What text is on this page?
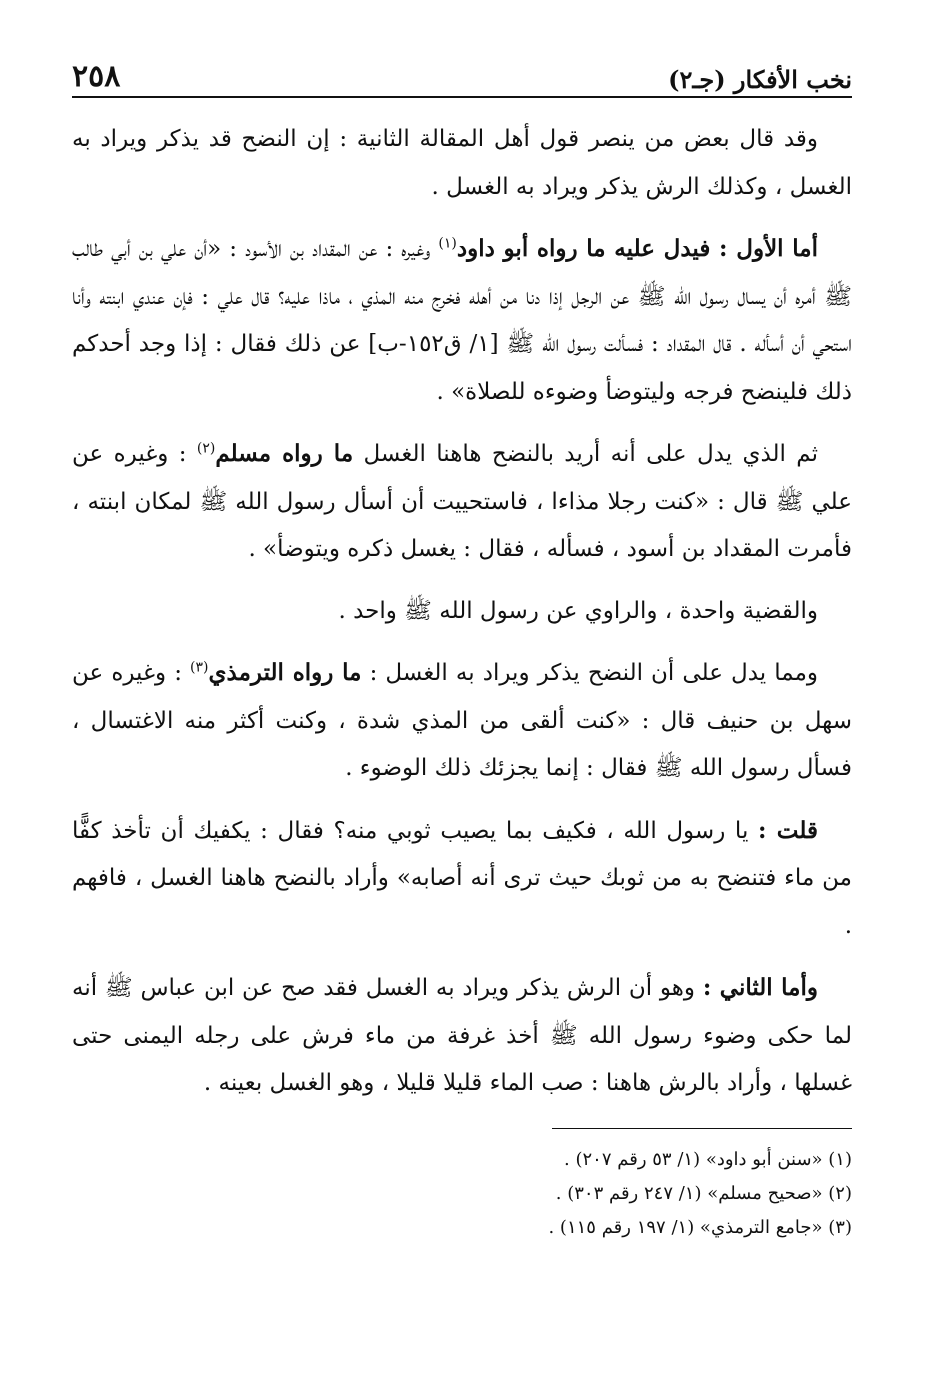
نخب الأفكار (جـ٢)
٢٥٨

وقد قال بعض من ينصر قول أهل المقالة الثانية : إن النضح قد يذكر ويراد به الغسل ، وكذلك الرش يذكر ويراد به الغسل .

أما الأول : فيدل عليه ما رواه أبو داود$^{(١)}$ وغيره : عن المقداد بن الأسود : «أن علي بن أبي طالب ﷺ أمره أن يسال رسول الله ﷺ عن الرجل إذا دنا من أهله فخرج منه المذي ، ماذا عليه؟ قال علي : فإن عندي ابنته وأنا استحي أن أسأله . قال المقداد : فسألت رسول الله ﷺ [١/ ق١٥٢-ب] عن ذلك فقال : إذا وجد أحدكم ذلك فلينضح فرجه وليتوضأ وضوءه للصلاة» .

ثم الذي يدل على أنه أريد بالنضح هاهنا الغسل ما رواه مسلم$^{(٢)}$ : وغيره عن علي ﷺ قال : «كنت رجلا مذاءا ، فاستحييت أن أسأل رسول الله ﷺ لمكان ابنته ، فأمرت المقداد بن أسود ، فسأله ، فقال : يغسل ذكره ويتوضأ» .

والقضية واحدة ، والراوي عن رسول الله ﷺ واحد .

ومما يدل على أن النضح يذكر ويراد به الغسل : ما رواه الترمذي$^{(٣)}$ : وغيره عن سهل بن حنيف قال : «كنت ألقى من المذي شدة ، وكنت أكثر منه الاغتسال ، فسأل رسول الله ﷺ فقال : إنما يجزئك ذلك الوضوء .

قلت : يا رسول الله ، فكيف بما يصيب ثوبي منه؟ فقال : يكفيك أن تأخذ كفًّا من ماء فتنضح به من ثوبك حيث ترى أنه أصابه» وأراد بالنضح هاهنا الغسل ، فافهم .

وأما الثاني : وهو أن الرش يذكر ويراد به الغسل فقد صح عن ابن عباس ﷺ أنه لما حكى وضوء رسول الله ﷺ أخذ غرفة من ماء فرش على رجله اليمنى حتى غسلها ، وأراد بالرش هاهنا : صب الماء قليلا قليلا ، وهو الغسل بعينه .

(١) «سنن أبو داود» (١/ ٥٣ رقم ٢٠٧) .

(٢) «صحيح مسلم» (١/ ٢٤٧ رقم ٣٠٣) .

(٣) «جامع الترمذي» (١/ ١٩٧ رقم ١١٥) .
